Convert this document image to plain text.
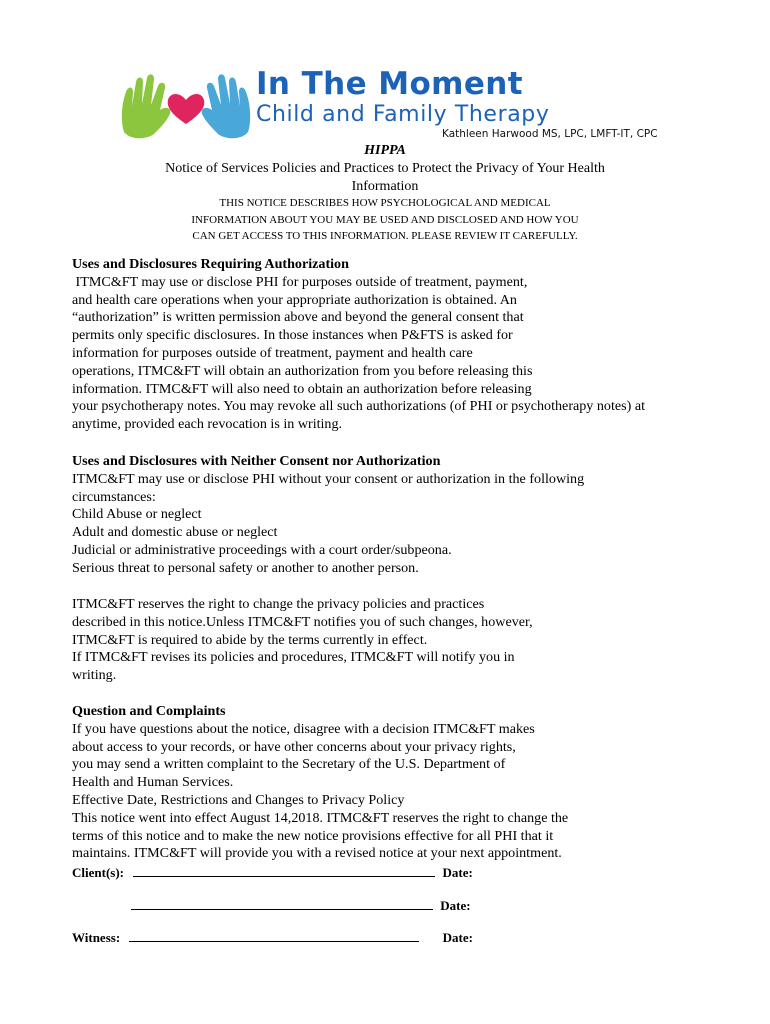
In The Moment
Child and Family Therapy
Kathleen Harwood MS, LPC, LMFT-IT, CPC
HIPPA
Notice of Services Policies and Practices to Protect the Privacy of Your Health
Information
THIS NOTICE DESCRIBES HOW PSYCHOLOGICAL AND MEDICAL
INFORMATION ABOUT YOU MAY BE USED AND DISCLOSED AND HOW YOU
CAN GET ACCESS TO THIS INFORMATION. PLEASE REVIEW IT CAREFULLY.
Uses and Disclosures Requiring Authorization
ITMC&FT may use or disclose PHI for purposes outside of treatment, payment,
and health care operations when your appropriate authorization is obtained. An
“authorization” is written permission above and beyond the general consent that
permits only specific disclosures. In those instances when P&FTS is asked for
information for purposes outside of treatment, payment and health care
operations, ITMC&FT will obtain an authorization from you before releasing this
information. ITMC&FT will also need to obtain an authorization before releasing
your psychotherapy notes. You may revoke all such authorizations (of PHI or psychotherapy notes) at
anytime, provided each revocation is in writing.
Uses and Disclosures with Neither Consent nor Authorization
ITMC&FT may use or disclose PHI without your consent or authorization in the following
circumstances:
Child Abuse or neglect
Adult and domestic abuse or neglect
Judicial or administrative proceedings with a court order/subpeona.
Serious threat to personal safety or another to another person.
ITMC&FT reserves the right to change the privacy policies and practices
described in this notice.Unless ITMC&FT notifies you of such changes, however,
ITMC&FT is required to abide by the terms currently in effect.
If ITMC&FT revises its policies and procedures, ITMC&FT will notify you in
writing.
Question and Complaints
If you have questions about the notice, disagree with a decision ITMC&FT makes
about access to your records, or have other concerns about your privacy rights,
you may send a written complaint to the Secretary of the U.S. Department of
Health and Human Services.
Effective Date, Restrictions and Changes to Privacy Policy
This notice went into effect August 14,2018. ITMC&FT reserves the right to change the
terms of this notice and to make the new notice provisions effective for all PHI that it
maintains. ITMC&FT will provide you with a revised notice at your next appointment.
Client(s):	Date:
Date:
Witness:	Date:
